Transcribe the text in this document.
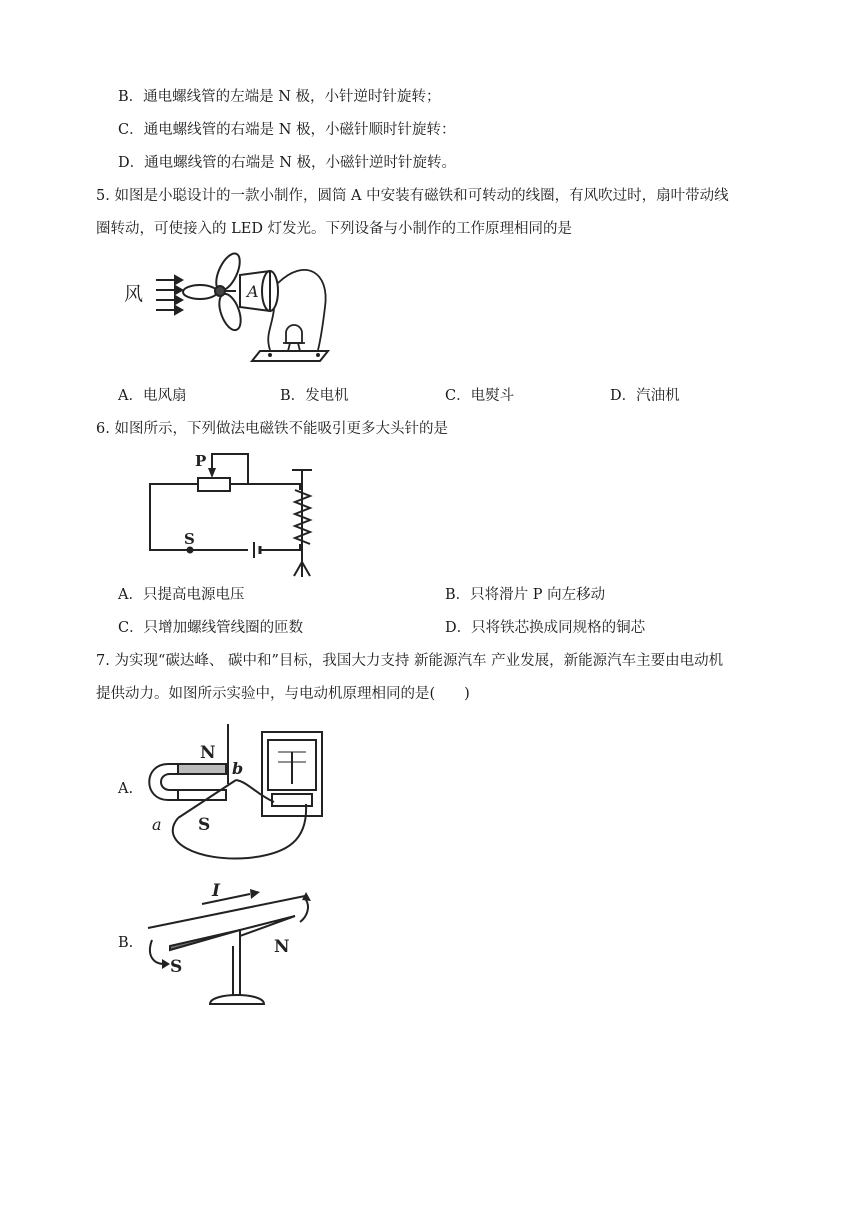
B．通电螺线管的左端是 N 极，小针逆时针旋转；
C．通电螺线管的右端是 N 极，小磁针顺时针旋转：
D．通电螺线管的右端是 N 极，小磁针逆时针旋转。
5. 如图是小聪设计的一款小制作，圆筒 A 中安装有磁铁和可转动的线圈，有风吹过时，扇叶带动线
圈转动，可使接入的 LED 灯发光。下列设备与小制作的工作原理相同的是
风	A
A．电风扇	B．发电机	C．电熨斗	D．汽油机
6. 如图所示，下列做法电磁铁不能吸引更多大头针的是
P
S
A．只提高电源电压	B．只将滑片 P 向左移动
C．只增加螺线管线圈的匝数	D．只将铁芯换成同规格的铜芯
7. 为实现“碳达峰、 碳中和”目标，我国大力支持 新能源汽车 产业发展，新能源汽车主要由电动机
提供动力。如图所示实验中，与电动机原理相同的是(　　)
A.
N
S
a
b
B.
I
S
N
